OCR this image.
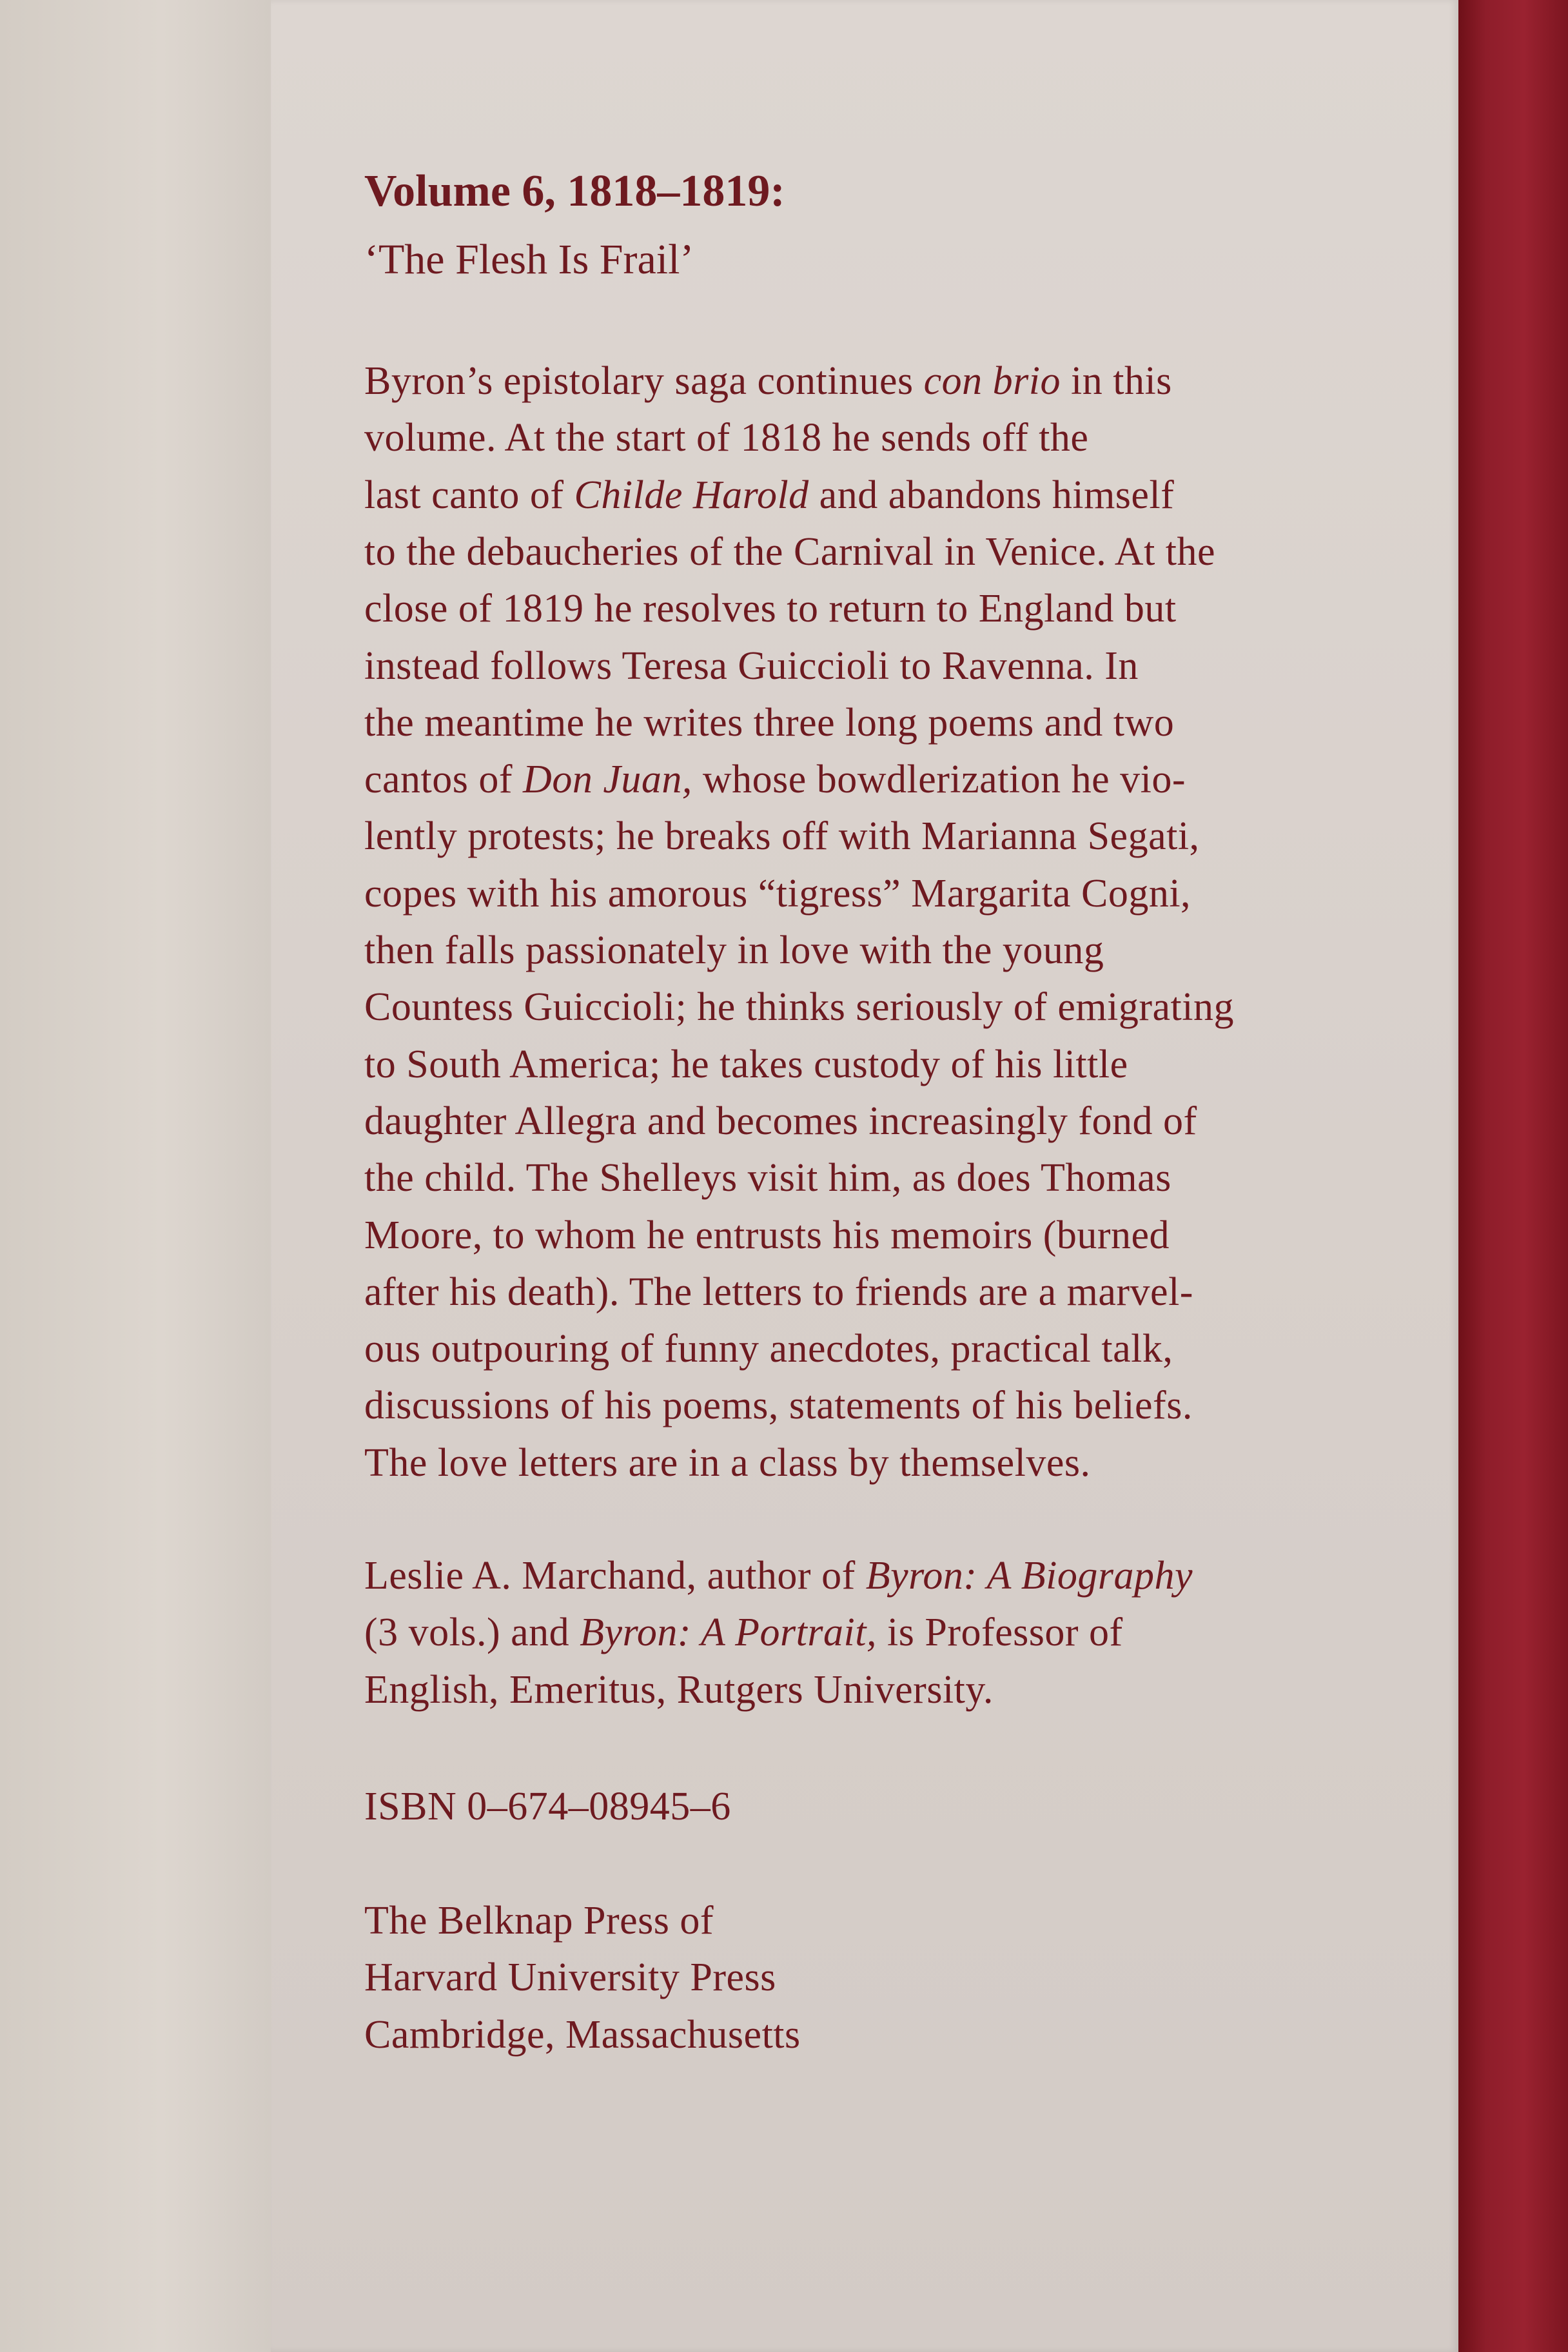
Volume 6, 1818–1819:
‘The Flesh Is Frail’
Byron’s epistolary saga continues con brio in this
volume. At the start of 1818 he sends off the
last canto of Childe Harold and abandons himself
to the debaucheries of the Carnival in Venice. At the
close of 1819 he resolves to return to England but
instead follows Teresa Guiccioli to Ravenna. In
the meantime he writes three long poems and two
cantos of Don Juan, whose bowdlerization he vio-
lently protests; he breaks off with Marianna Segati,
copes with his amorous “tigress” Margarita Cogni,
then falls passionately in love with the young
Countess Guiccioli; he thinks seriously of emigrating
to South America; he takes custody of his little
daughter Allegra and becomes increasingly fond of
the child. The Shelleys visit him, as does Thomas
Moore, to whom he entrusts his memoirs (burned
after his death). The letters to friends are a marvel-
ous outpouring of funny anecdotes, practical talk,
discussions of his poems, statements of his beliefs.
The love letters are in a class by themselves.
Leslie A. Marchand, author of Byron: A Biography
(3 vols.) and Byron: A Portrait, is Professor of
English, Emeritus, Rutgers University.
ISBN 0–674–08945–6
The Belknap Press of
Harvard University Press
Cambridge, Massachusetts
